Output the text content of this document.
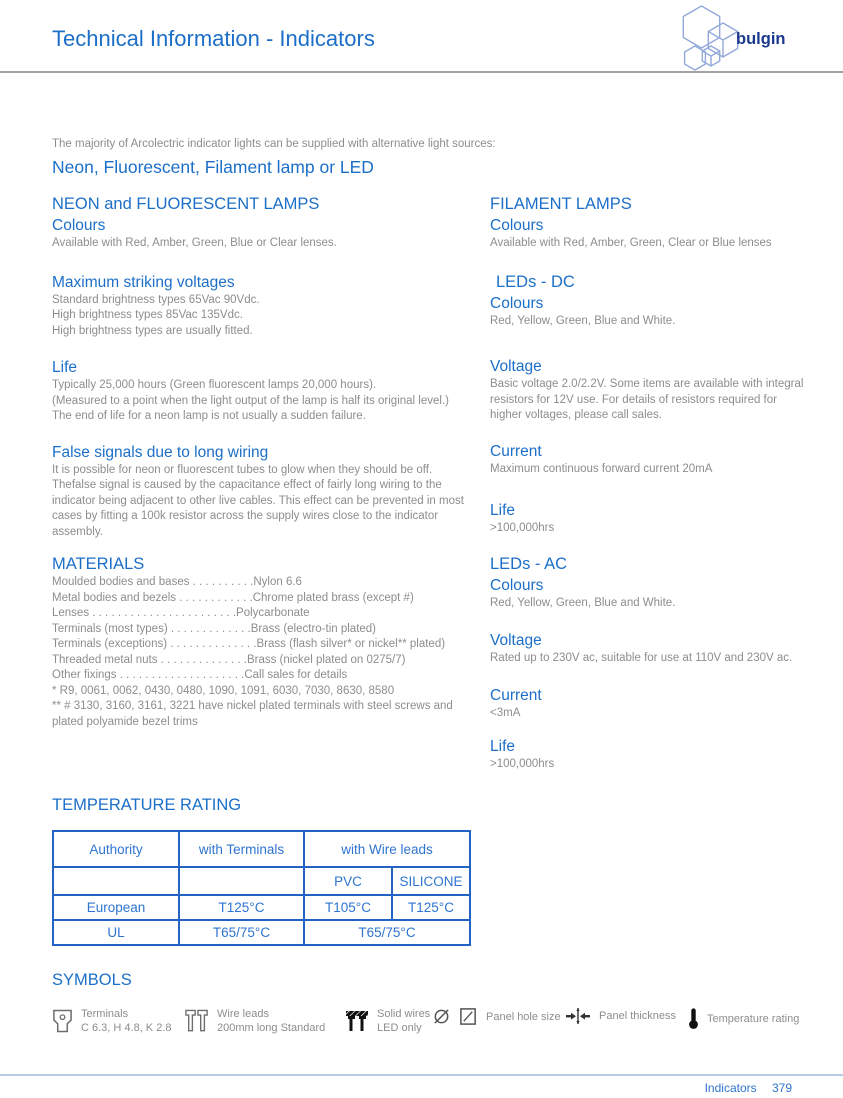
Technical Information - Indicators	bulgin
The majority of Arcolectric indicator lights can be supplied with alternative light sources:
Neon, Fluorescent, Filament lamp or LED
NEON and FLUORESCENT LAMPS
Colours

Available with Red, Amber, Green, Blue or Clear lenses.

Maximum striking voltages
Standard brightness types 65Vac 90Vdc.
High brightness types 85Vac 135Vdc.
High brightness types are usually fitted.
Life
Typically 25,000 hours (Green fluorescent lamps 20,000 hours).
(Measured to a point when the light output of the lamp is half its original level.)
The end of life for a neon lamp is not usually a sudden failure.
False signals due to long wiring

It is possible for neon or fluorescent tubes to glow when they should be off. Thefalse signal is caused by the capacitance effect of fairly long wiring to the indicator being adjacent to other live cables. This effect can be prevented in most cases by fitting a 100k resistor across the supply wires close to the indicator assembly.

MATERIALS
Moulded bodies and bases . . . . . . . . . .Nylon 6.6
Metal bodies and bezels . . . . . . . . . . . .Chrome plated brass (except #)
Lenses . . . . . . . . . . . . . . . . . . . . . . .Polycarbonate
Terminals (most types) . . . . . . . . . . . . .Brass (electro-tin plated)
Terminals (exceptions) . . . . . . . . . . . . . .Brass (flash silver* or nickel** plated)
Threaded metal nuts . . . . . . . . . . . . . .Brass (nickel plated on 0275/7)
Other fixings . . . . . . . . . . . . . . . . . . . .Call sales for details
* R9, 0061, 0062, 0430, 0480, 1090, 1091, 6030, 7030, 8630, 8580
** # 3130, 3160, 3161, 3221 have nickel plated terminals with steel screws and plated polyamide bezel trims
FILAMENT LAMPS
Colours

Available with Red, Amber, Green, Clear or Blue lenses

LEDs - DC
Colours

Red, Yellow, Green, Blue and White.

Voltage

Basic voltage 2.0/2.2V. Some items are available with integral resistors for 12V use. For details of resistors required for higher voltages, please call sales.

Current

Maximum continuous forward current 20mA

Life

>100,000hrs

LEDs - AC
Colours

Red, Yellow, Green, Blue and White.

Voltage

Rated up to 230V ac, suitable for use at 110V and 230V ac.

Current

<3mA

Life

>100,000hrs

TEMPERATURE RATING
Authority	with Terminals	with Wire leads	
		PVC	SILICONE
European	T125°C	T105°C	T125°C
UL	T65/75°C	T65/75°C	
SYMBOLS
Terminals
C 6.3, H 4.8, K 2.8
Wire leads
200mm long Standard
Solid wires
LED only
Panel hole size	Panel thickness	Temperature rating
Indicators 379
